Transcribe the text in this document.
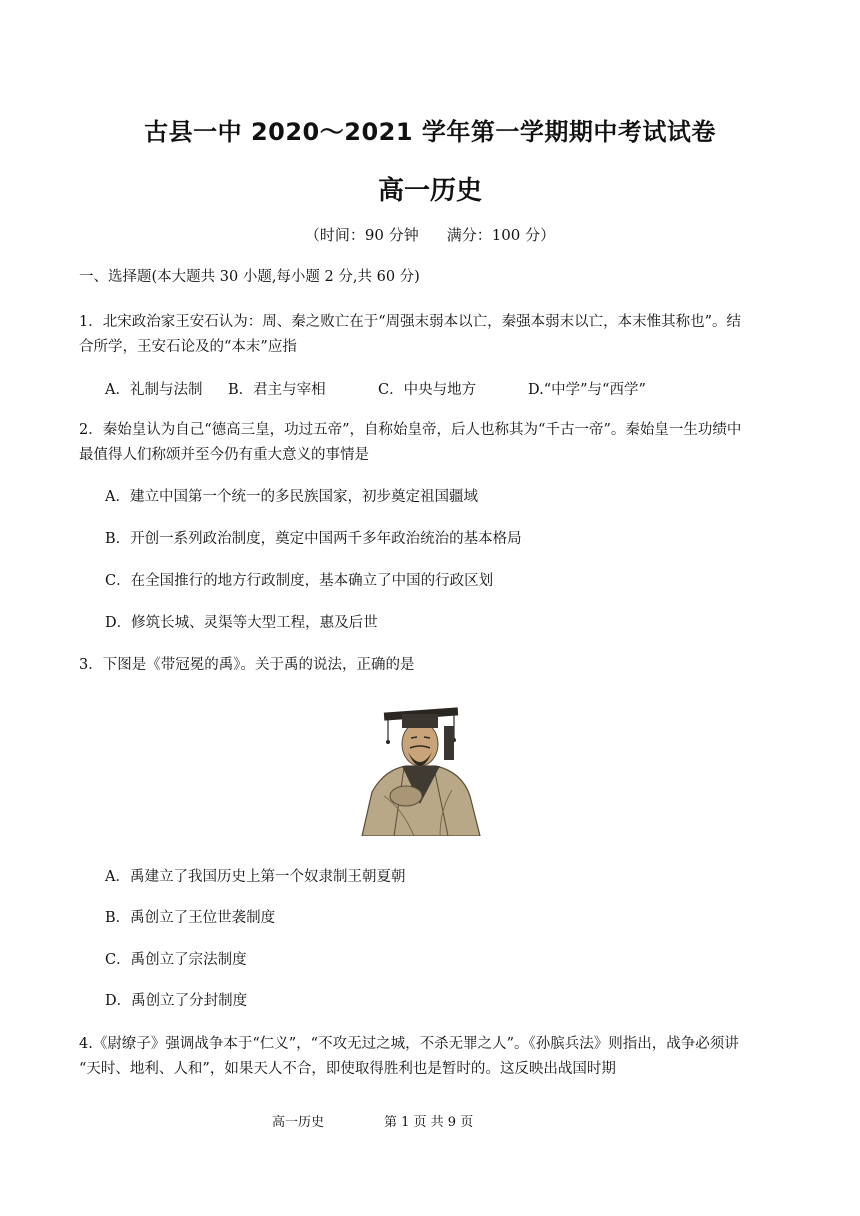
古县一中 2020～2021 学年第一学期期中考试试卷
高一历史
（时间：90 分钟 满分：100 分）
一、选择题(本大题共 30 小题,每小题 2 分,共 60 分)
1．北宋政治家王安石认为：周、秦之败亡在于“周强末弱本以亡，秦强本弱末以亡，本末惟其称也”。结
合所学，王安石论及的“本末”应指
A．礼制与法制 B．君主与宰相	C．中央与地方	D.“中学”与“西学”
2．秦始皇认为自己“德高三皇，功过五帝”，自称始皇帝，后人也称其为“千古一帝”。秦始皇一生功绩中
最值得人们称颂并至今仍有重大意义的事情是
A．建立中国第一个统一的多民族国家，初步奠定祖国疆域
B．开创一系列政治制度，奠定中国两千多年政治统治的基本格局
C．在全国推行的地方行政制度，基本确立了中国的行政区划
D．修筑长城、灵渠等大型工程，惠及后世
3．下图是《带冠冕的禹》。关于禹的说法，正确的是
A．禹建立了我国历史上第一个奴隶制王朝夏朝
B．禹创立了王位世袭制度
C．禹创立了宗法制度
D．禹创立了分封制度
4.《尉缭子》强调战争本于“仁义”，“不攻无过之城，不杀无罪之人”。《孙膑兵法》则指出，战争必须讲
“天时、地利、人和”，如果天人不合，即使取得胜利也是暂时的。这反映出战国时期
高一历史	第 1 页 共 9 页
